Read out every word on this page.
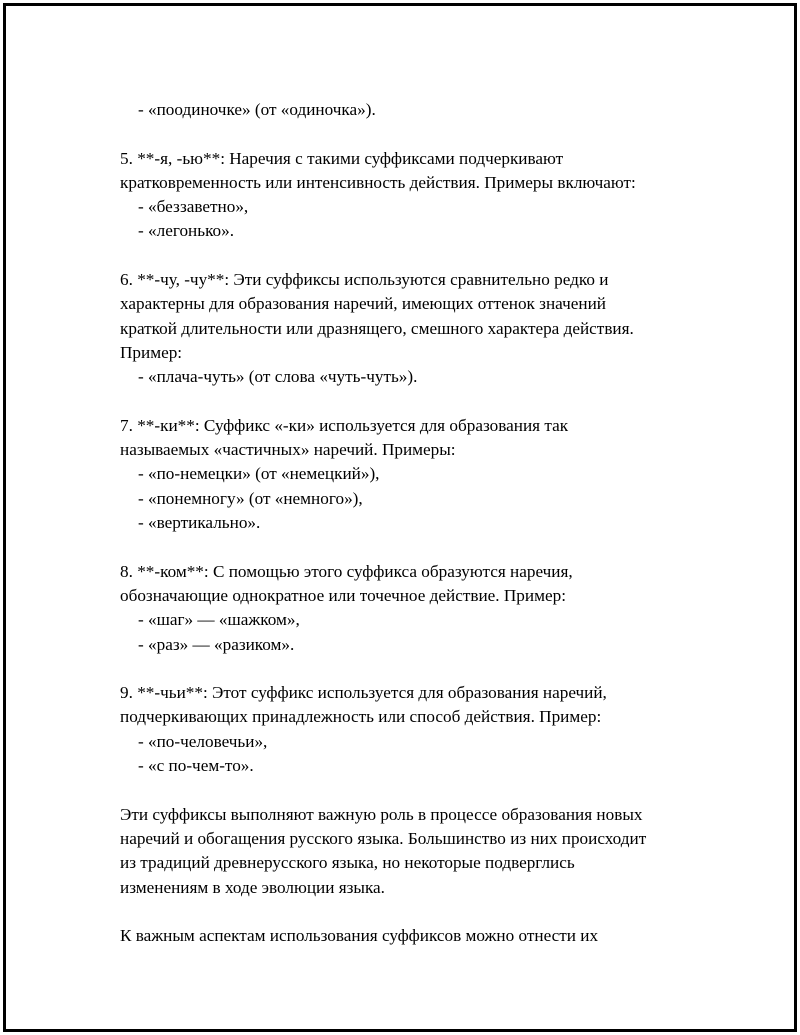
- «поодиночке» (от «одиночка»).
5. **-я, -ью**: Наречия с такими суффиксами подчеркивают
кратковременность или интенсивность действия. Примеры включают:
- «беззаветно»,
- «легонько».
6. **-чу, -чу**: Эти суффиксы используются сравнительно редко и
характерны для образования наречий, имеющих оттенок значений
краткой длительности или дразнящего, смешного характера действия.
Пример:
- «плача-чуть» (от слова «чуть-чуть»).
7. **-ки**: Суффикс «-ки» используется для образования так
называемых «частичных» наречий. Примеры:
- «по-немецки» (от «немецкий»),
- «понемногу» (от «немного»),
- «вертикально».
8. **-ком**: С помощью этого суффикса образуются наречия,
обозначающие однократное или точечное действие. Пример:
- «шаг» — «шажком»,
- «раз» — «разиком».
9. **-чьи**: Этот суффикс используется для образования наречий,
подчеркивающих принадлежность или способ действия. Пример:
- «по-человечьи»,
- «с по-чем-то».
Эти суффиксы выполняют важную роль в процессе образования новых
наречий и обогащения русского языка. Большинство из них происходит
из традиций древнерусского языка, но некоторые подверглись
изменениям в ходе эволюции языка.
К важным аспектам использования суффиксов можно отнести их
